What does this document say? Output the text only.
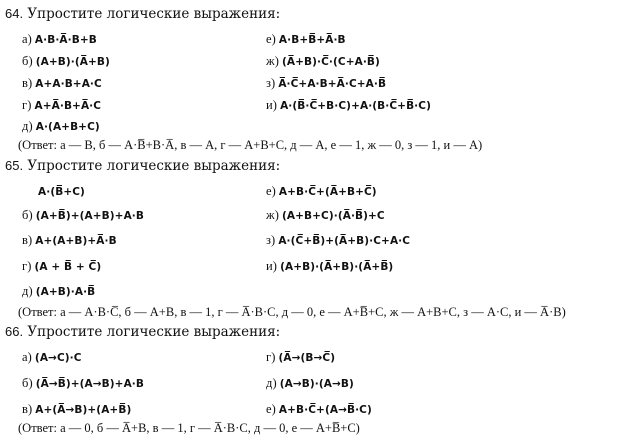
64. Упростите логические выражения:
а) A·B·A̅·B+B
б) (A+B)·(A̅+B)
в) A+A·B+A·C
г) A+A̅·B+A̅·C
д) A·(A+B+C)
е) A·B+B̅+A̅·B
ж) (A̅+B)·C̅·(C+A·B̅)
з) A̅·C̅+A·B+A̅·C+A·B̅
и) A·(B̅·C̅+B·C)+A·(B·C̅+B̅·C)
(Ответ: а — B, б — A·B̅+B·A̅, в — A, г — A+B+C, д — A, е — 1, ж — 0, з — 1, и — A)
65. Упростите логические выражения:
A·(B̅+C)
б) (A+B̅)+(A+B)+A·B
в) A+(A+B)+A̅·B
г) (A + B̅ + C̅)
д) (A+B)·A·B̅
е) A+B·C̅+(A̅+B+C̅)
ж) (A+B+C)·(A̅·B̅)+C
з) A·(C̅+B̅)+(A̅+B)·C+A·C
и) (A+B)·(A̅+B)·(A̅+B̅)
(Ответ: а — A·B·C̅, б — A+B, в — 1, г — A̅·B·C, д — 0, е — A+B̅+C, ж — A+B+C, з — A·C, и — A̅·B)
66. Упростите логические выражения:
а) (A→C)·C
б) (A̅→B̅)+(A→B)+A·B
в) A+(A̅→B)+(A+B̅)
г) (A̅→(B→C̅)
д) (A→B)·(A→B)
е) A+B·C̅+(A→B̅·C)
(Ответ: а — 0, б — A̅+B, в — 1, г — A̅·B·C, д — 0, е — A+B̅+C)
